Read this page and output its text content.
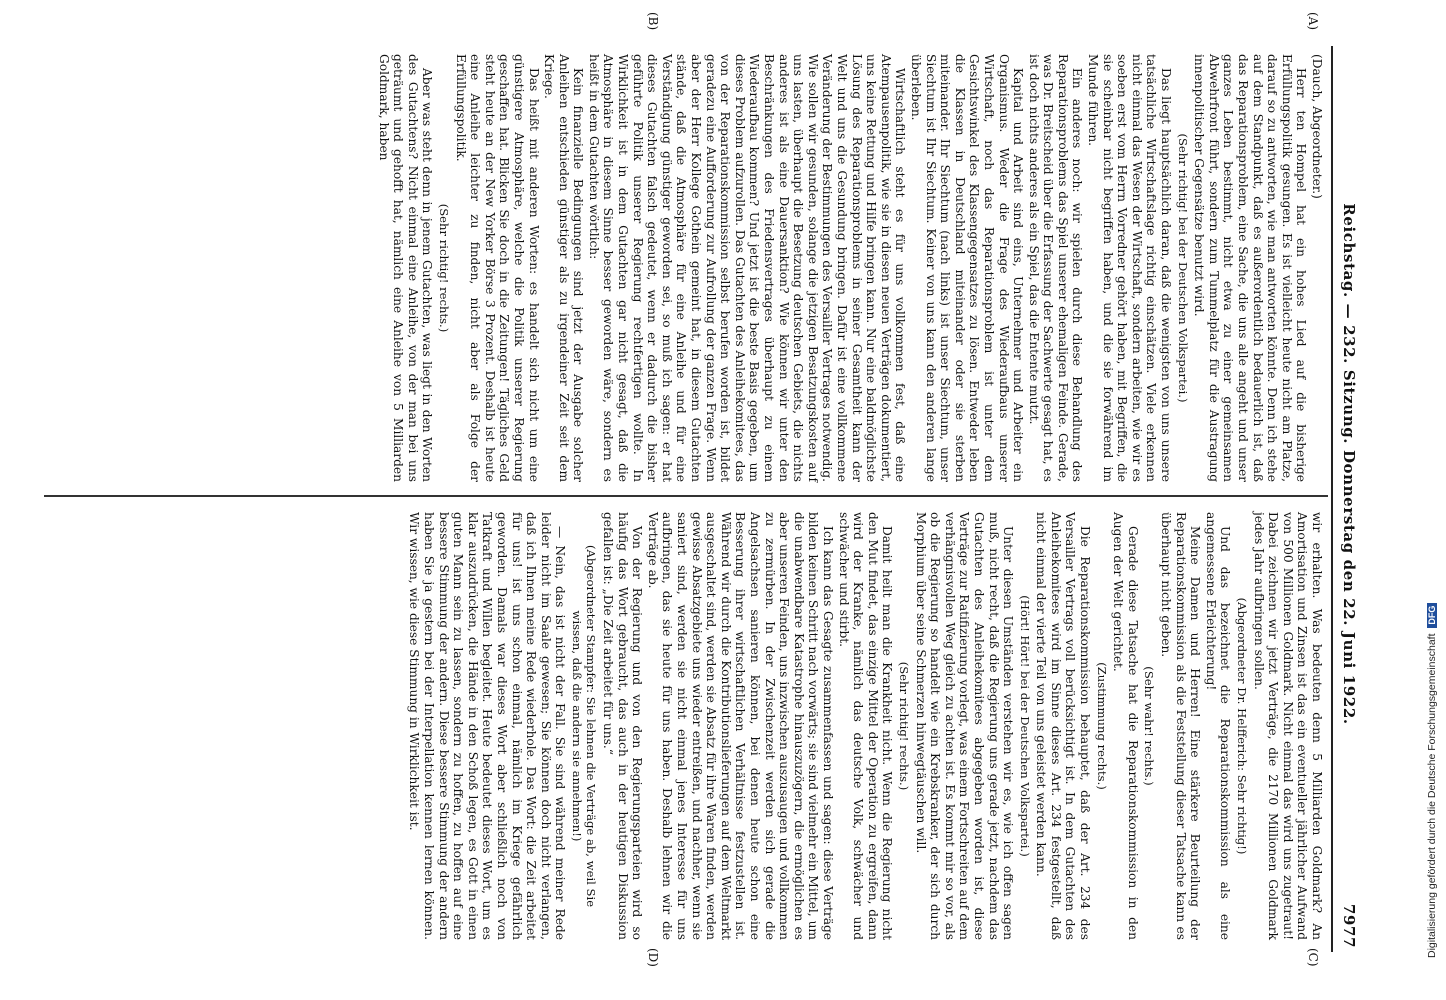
Reichstag. — 232. Sitzung. Donnerstag den 22. Juni 1922.
7977
(A)
(B)
(C)
(D)

(Dauch, Abgeordneter.)

Herr ten Hompel hat ein hohes Lied auf die bisherige Erfüllungspolitik gesungen. Es ist vielleicht heute nicht am Platze, darauf so zu antworten, wie man antworten könnte. Denn ich stehe auf dem Standpunkt, daß es außerordentlich bedauerlich ist, daß das Reparationsproblem, eine Sache, die uns alle angeht und unser ganzes Leben bestimmt, nicht etwa zu einer gemeinsamen Abwehrfront führt, sondern zum Tummelplatz für die Austragung innenpolitischer Gegensätze benutzt wird.

(Sehr richtig! bei der Deutschen Volkspartei.)

Das liegt hauptsächlich daran, daß die wenigsten von uns unsere tatsächliche Wirtschaftslage richtig einschätzen. Viele erkennen nicht einmal das Wesen der Wirtschaft, sondern arbeiten, wie wir es soeben erst vom Herrn Vorredner gehört haben, mit Begriffen, die sie scheinbar nicht begriffen haben, und die sie forwährend im Munde führen.

Ein anderes noch: wir spielen durch diese Behandlung des Reparationsproblems das Spiel unserer ehemaligen Feinde. Gerade, was Dr. Breitscheid über die Erfassung der Sachwerte gesagt hat, es ist doch nichts anderes als ein Spiel, das die Entente mutzt.

Kapital und Arbeit sind eins, Unternehmer und Arbeiter ein Organismus. Weder die Frage des Wiederaufbaus unserer Wirtschaft, noch das Reparationsproblem ist unter dem Gesichtswinkel des Klassengegensatzes zu lösen. Entweder leben die Klassen in Deutschland miteinander oder sie sterben miteinander. Ihr Siechtum (nach links) ist unser Siechtum, unser Siechtum ist Ihr Siechtum. Keiner von uns kann den anderen lange überleben.

Wirtschaftlich steht es für uns vollkommen fest, daß eine Atempausenpolitik, wie sie in diesen neuen Verträgen dokumentiert, uns keine Rettung und Hilfe bringen kann. Nur eine baldmöglichste Lösung des Reparationsproblems in seiner Gesamtheit kann der Welt und uns die Gesundung bringen. Dafür ist eine vollkommene Veränderung der Bestimmungen des Versailler Vertrages notwendig. Wie sollen wir gesunden, solange die jetzigen Besatzungskosten auf uns lasten, überhaupt die Besetzung deutschen Gebiets, die nichts anderes ist als eine Dauersanktion? Wie können wir unter den Beschränkungen des Friedensvertrages überhaupt zu einem Wiederaufbau kommen? Und jetzt ist die beste Basis gegeben, um dieses Problem aufzurollen. Das Gutachten des Anleihekomitees, das von der Reparationskommission selbst berufen worden ist, bildet geradezu eine Aufforderung zur Aufrollung der ganzen Frage. Wenn aber der Herr Kollege Gothein gemeint hat, in diesem Gutachten stände, daß die Atmosphäre für eine Anleihe und für eine Verständigung günstiger geworden sei, so muß ich sagen: er hat dieses Gutachten falsch gedeutet, wenn er dadurch die bisher geführte Politik unserer Regierung rechtfertigen wollte. In Wirklichkeit ist in dem Gutachten gar nicht gesagt, daß die Atmosphäre in diesem Sinne besser geworden wäre, sondern es heißt in dem Gutachten wörtlich:

Kein finanzielle Bedingungen sind jetzt der Ausgabe solcher Anleihen entschieden günstiger als zu irgendeiner Zeit seit dem Kriege.

Das heißt mit anderen Worten: es handelt sich nicht um eine günstigere Atmosphäre, welche die Politik unserer Regierung geschaffen hat. Blicken Sie doch in die Zeitungen! Tägliches Geld steht heute an der New Yorker Börse 3 Prozent. Deshalb ist heute eine Anleihe leichter zu finden, nicht aber als Folge der Erfüllungspolitik.

(Sehr richtig! rechts.)

Aber was steht denn in jenem Gutachten, was liegt in den Worten des Gutachtens? Nicht einmal eine Anleihe, von der man bei uns geträumt und gehofft hat, nämlich eine Anleihe von 5 Milliarden Goldmark, haben

wir erhalten. Was bedeuten denn 5 Milliarden Goldmark? An Amortisation und Zinsen ist das ein eventueller jährlicher Aufwand von 500 Millionen Goldmark. Nicht einmal das wird uns zugetraut! Dabei zeichnen wir jetzt Verträge, die 2170 Millionen Goldmark jedes Jahr aufbringen sollen.

(Abgeordneter Dr. Helfferich: Sehr richtig!)

Und das bezeichnet die Reparationskommission als eine angemessene Erleichterung!

Meine Damen und Herren! Eine stärkere Beurteilung der Reparationskommission als die Feststellung dieser Tatsache kann es überhaupt nicht geben.

(Sehr wahr! rechts.)

Gerade diese Tatsache hat die Reparationskommission in den Augen der Welt gerichtet.

(Zustimmung rechts.)

Die Reparationskommission behauptet, daß der Art. 234 des Versailler Vertrags voll berücksichtigt ist. In dem Gutachten des Anleihekomitees wird im Sinne dieses Art. 234 festgestellt, daß nicht einmal der vierte Teil von uns geleistet werden kann.

(Hört! Hört! bei der Deutschen Volkspartei.)

Unter diesen Umständen verstehen wir es, wie ich offen sagen muß, nicht recht, daß die Regierung uns gerade jetzt, nachdem das Gutachten des Anleihekomitees abgegeben worden ist, diese Verträge zur Ratifizierung vorlegt, was einem Fortschreiten auf dem verhängnisvollen Weg gleich zu achten ist. Es kommt mir so vor, als ob die Regierung so handelt wie ein Krebskranker, der sich durch Morphium über seine Schmerzen hinwegtäuschen will.

(Sehr richtig! rechts.)

Damit heilt man die Krankheit nicht. Wenn die Regierung nicht den Mut findet, das einzige Mittel der Operation zu ergreifen, dann wird der Kranke, nämlich das deutsche Volk, schwächer und schwächer und stirbt.

Ich kann das Gesagte zusammenfassen und sagen: diese Verträge bilden keinen Schritt nach vorwärts; sie sind vielmehr ein Mittel, um die unabwendbare Katastrophe hinauszuzögern, die ermöglichen es aber unseren Feinden, uns inzwischen auszusaugen und vollkommen zu zermürben. In der Zwischenzeit werden sich gerade die Angelsachsen sanieren können, bei denen heute schon eine Besserung ihrer wirtschaftlichen Verhältnisse festzustellen ist. Während wir durch die Kontributionslieferungen auf dem Weltmarkt ausgeschaltet sind, werden sie Absatz für ihre Waren finden, werden gewisse Absatzgebiete uns wieder entreißen, und nachher, wenn sie saniert sind, werden sie nicht einmal jenes Interesse für uns aufbringen, das sie heute für uns haben. Deshalb lehnen wir die Verträge ab.

Von der Regierung und von den Regierungsparteien wird so häufig das Wort gebraucht, das auch in der heutigen Diskussion gefallen ist: „Die Zeit arbeitet für uns.“

(Abgeordneter Stampfer: Sie lehnen die Verträge ab, weil Sie wissen, daß die andern sie annehmen!)

— Nein, das ist nicht der Fall. Sie sind während meiner Rede leider nicht im Saale gewesen; Sie können doch nicht verlangen, daß ich Ihnen meine Rede wiederhole. Das Wort: die Zeit arbeitet für uns! ist uns schon einmal, nämlich im Kriege gefährlich geworden. Damals war dieses Wort aber schließlich noch von Tatkraft und Willen begleitet. Heute bedeutet dieses Wort, um es klar auszudrücken, die Hände in den Schoß legen, es Gott in einen guten Mann sein zu lassen, sondern zu hoffen, zu hoffen auf eine bessere Stimmung der andern. Diese bessere Stimmung der andern haben Sie ja gestern bei der Interpellation kennen lernen können. Wir wissen, wie diese Stimmung in Wirklichkeit ist.	Digitalisierung gefördert durch die Deutsche Forschungsgemeinschaft DFG
